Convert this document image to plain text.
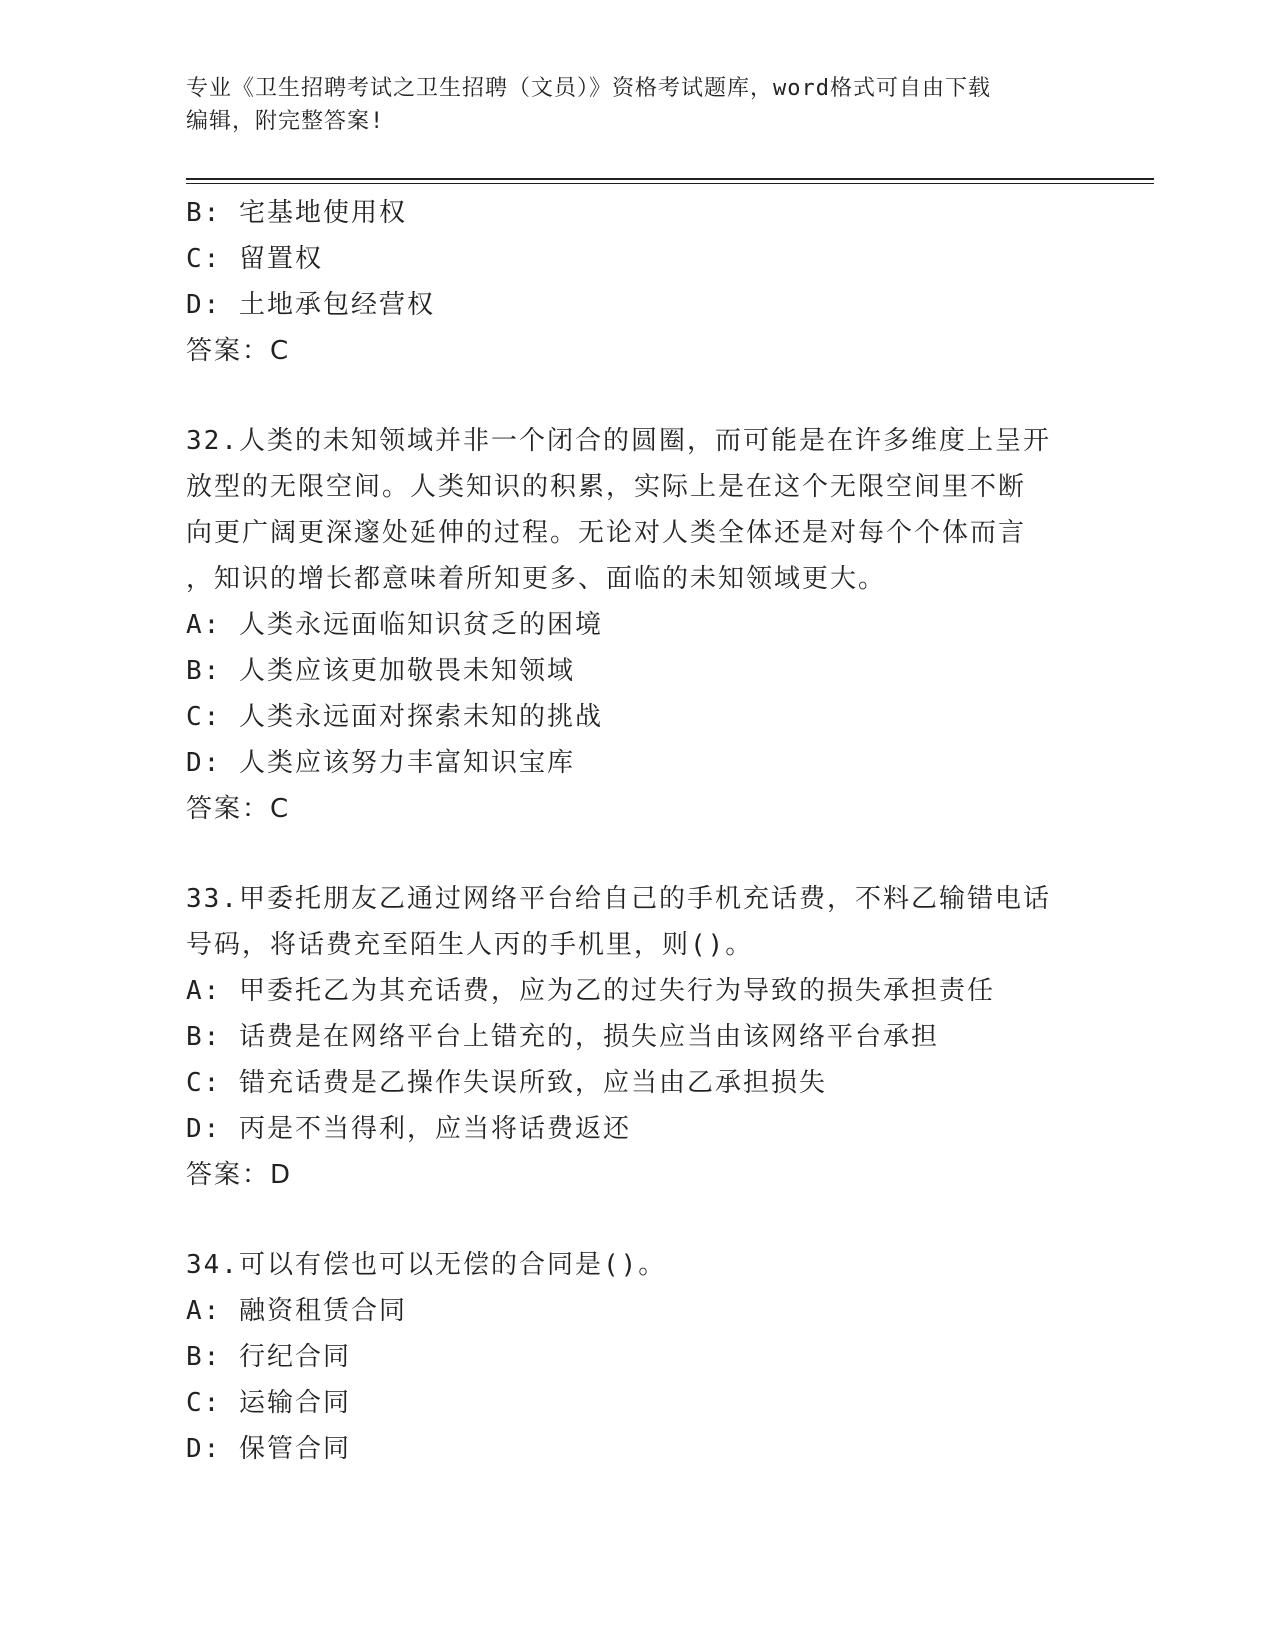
专业《卫生招聘考试之卫生招聘（文员）》资格考试题库，word格式可自由下载
编辑，附完整答案!
B: 宅基地使用权
C: 留置权
D: 土地承包经营权
答案：C
32.人类的未知领域并非一个闭合的圆圈，而可能是在许多维度上呈开
放型的无限空间。人类知识的积累，实际上是在这个无限空间里不断
向更广阔更深邃处延伸的过程。无论对人类全体还是对每个个体而言
，知识的增长都意味着所知更多、面临的未知领域更大。
A: 人类永远面临知识贫乏的困境
B: 人类应该更加敬畏未知领域
C: 人类永远面对探索未知的挑战
D: 人类应该努力丰富知识宝库
答案：C
33.甲委托朋友乙通过网络平台给自己的手机充话费，不料乙输错电话
号码，将话费充至陌生人丙的手机里，则()。
A: 甲委托乙为其充话费，应为乙的过失行为导致的损失承担责任
B: 话费是在网络平台上错充的，损失应当由该网络平台承担
C: 错充话费是乙操作失误所致，应当由乙承担损失
D: 丙是不当得利，应当将话费返还
答案：D
34.可以有偿也可以无偿的合同是()。
A: 融资租赁合同
B: 行纪合同
C: 运输合同
D: 保管合同
